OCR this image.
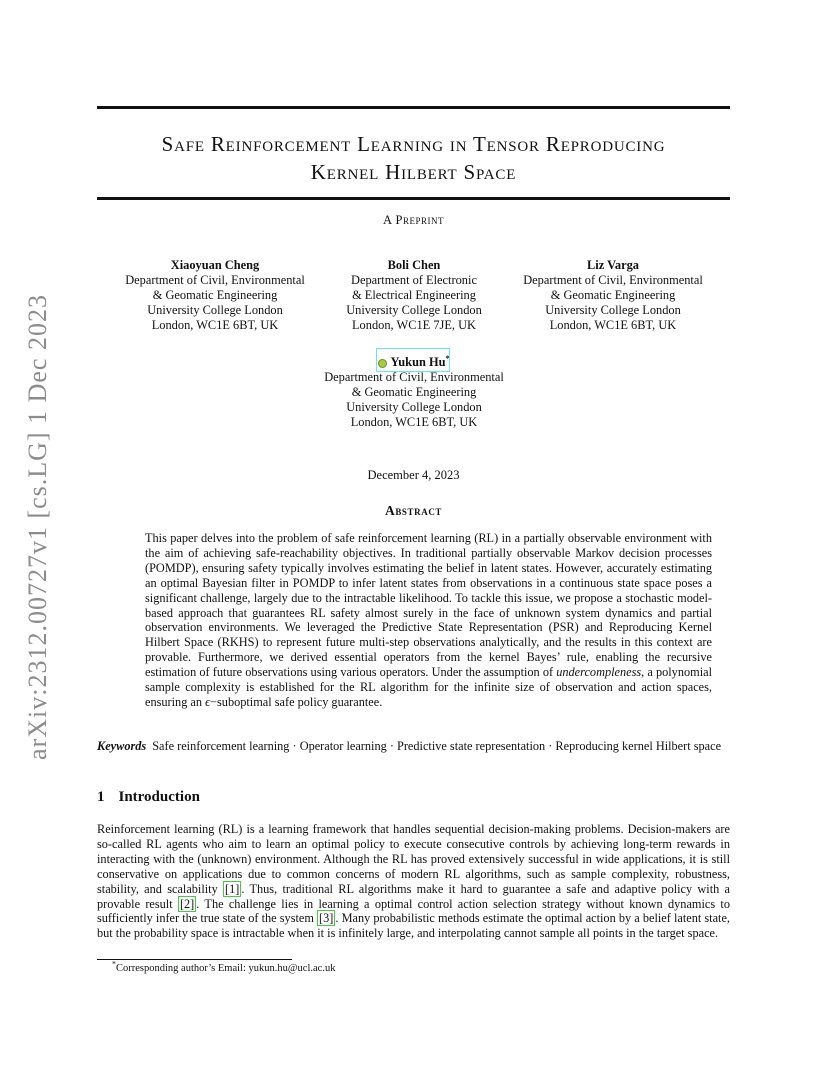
arXiv:2312.00727v1 [cs.LG] 1 Dec 2023
Safe Reinforcement Learning in Tensor Reproducing
Kernel Hilbert Space
A Preprint
Xiaoyuan Cheng
Department of Civil, Environmental
& Geomatic Engineering
University College London
London, WC1E 6BT, UK
Boli Chen
Department of Electronic
& Electrical Engineering
University College London
London, WC1E 7JE, UK
Liz Varga
Department of Civil, Environmental
& Geomatic Engineering
University College London
London, WC1E 6BT, UK
Yukun Hu*
Department of Civil, Environmental
& Geomatic Engineering
University College London
London, WC1E 6BT, UK
December 4, 2023
Abstract

This paper delves into the problem of safe reinforcement learning (RL) in a partially observable environment with the aim of achieving safe-reachability objectives. In traditional partially observable Markov decision processes (POMDP), ensuring safety typically involves estimating the belief in latent states. However, accurately estimating an optimal Bayesian filter in POMDP to infer latent states from observations in a continuous state space poses a significant challenge, largely due to the intractable likelihood. To tackle this issue, we propose a stochastic model-based approach that guarantees RL safety almost surely in the face of unknown system dynamics and partial observation environments. We leveraged the Predictive State Representation (PSR) and Reproducing Kernel Hilbert Space (RKHS) to represent future multi-step observations analytically, and the results in this context are provable. Furthermore, we derived essential operators from the kernel Bayes’ rule, enabling the recursive estimation of future observations using various operators. Under the assumption of undercompleness, a polynomial sample complexity is established for the RL algorithm for the infinite size of observation and action spaces, ensuring an ϵ−suboptimal safe policy guarantee.

Keywords Safe reinforcement learning · Operator learning · Predictive state representation · Reproducing kernel Hilbert space

1 Introduction

Reinforcement learning (RL) is a learning framework that handles sequential decision-making problems. Decision-makers are so-called RL agents who aim to learn an optimal policy to execute consecutive controls by achieving long-term rewards in interacting with the (unknown) environment. Although the RL has proved extensively successful in wide applications, it is still conservative on applications due to common concerns of modern RL algorithms, such as sample complexity, robustness, stability, and scalability [1] . Thus, traditional RL algorithms make it hard to guarantee a safe and adaptive policy with a provable result [2] . The challenge lies in learning a optimal control action selection strategy without known dynamics to sufficiently infer the true state of the system [3] . Many probabilistic methods estimate the optimal action by a belief latent state, but the probability space is intractable when it is infinitely large, and interpolating cannot sample all points in the target space.

*Corresponding author’s Email: yukun.hu@ucl.ac.uk
